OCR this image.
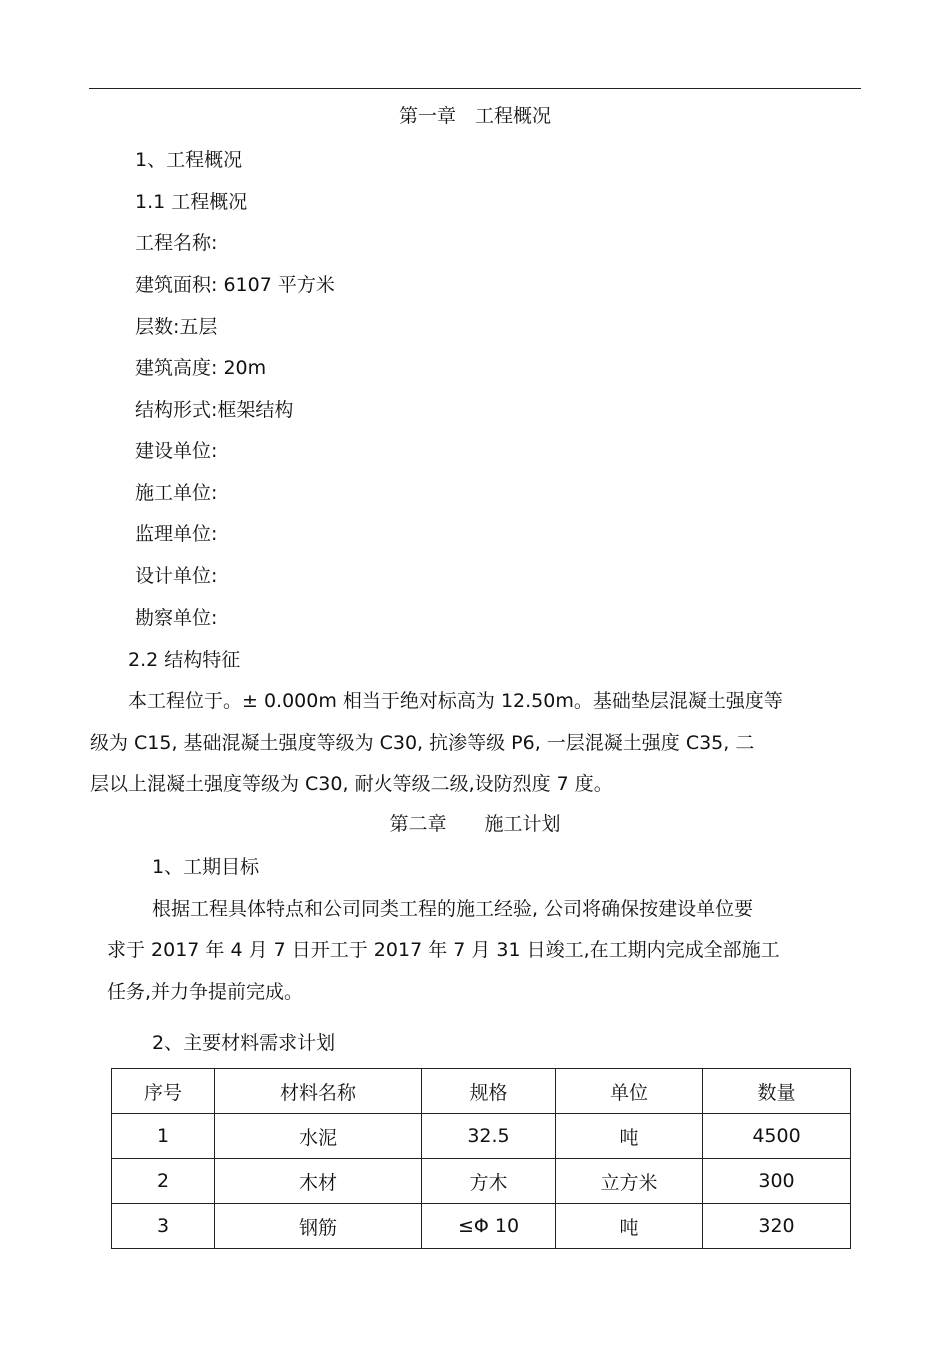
第一章　工程概况
1、工程概况
1.1 工程概况
工程名称:
建筑面积: 6107 平方米
层数:五层
建筑高度: 20m
结构形式:框架结构
建设单位:
施工单位:
监理单位:
设计单位:
勘察单位:
2.2 结构特征
本工程位于。± 0.000m 相当于绝对标高为 12.50m。基础垫层混凝土强度等
级为 C15, 基础混凝土强度等级为 C30, 抗渗等级 P6, 一层混凝土强度 C35, 二
层以上混凝土强度等级为 C30, 耐火等级二级,设防烈度 7 度。
第二章　　施工计划
1、工期目标
根据工程具体特点和公司同类工程的施工经验, 公司将确保按建设单位要
求于 2017 年 4 月 7 日开工于 2017 年 7 月 31 日竣工,在工期内完成全部施工
任务,并力争提前完成。
2、主要材料需求计划
序号	材料名称	规格	单位	数量
1	水泥	32.5	吨	4500
2	木材	方木	立方米	300
3	钢筋	≤Φ 10	吨	320
